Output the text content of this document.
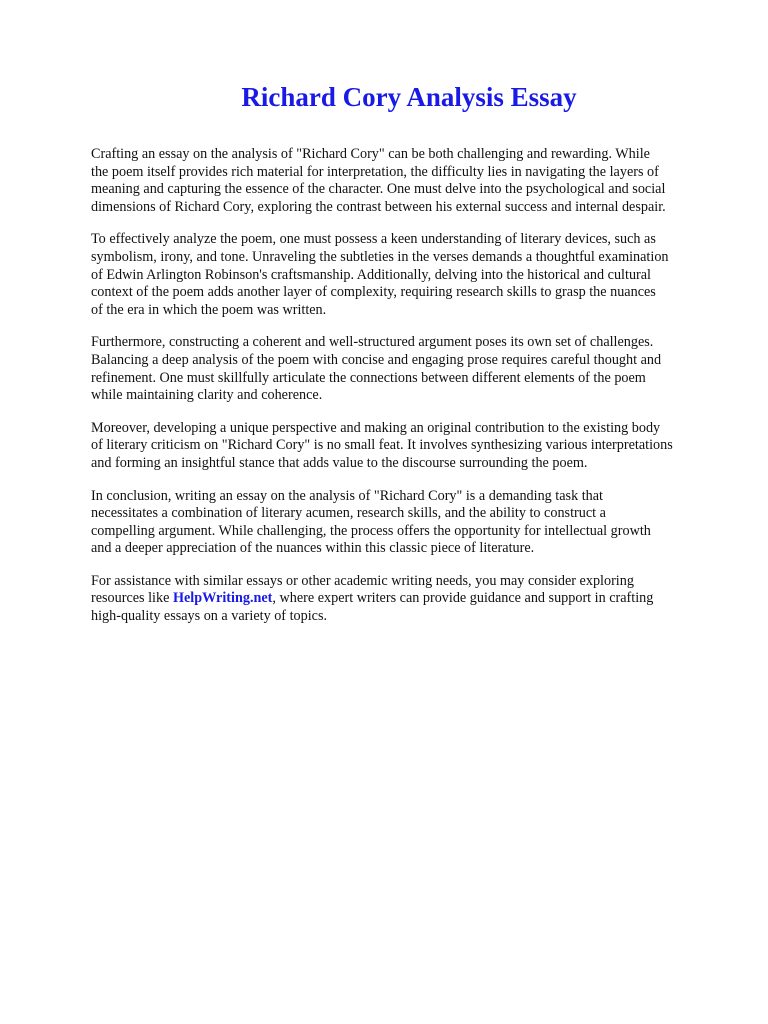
Richard Cory Analysis Essay

Crafting an essay on the analysis of "Richard Cory" can be both challenging and rewarding. While
the poem itself provides rich material for interpretation, the difficulty lies in navigating the layers of
meaning and capturing the essence of the character. One must delve into the psychological and social
dimensions of Richard Cory, exploring the contrast between his external success and internal despair.

To effectively analyze the poem, one must possess a keen understanding of literary devices, such as
symbolism, irony, and tone. Unraveling the subtleties in the verses demands a thoughtful examination
of Edwin Arlington Robinson's craftsmanship. Additionally, delving into the historical and cultural
context of the poem adds another layer of complexity, requiring research skills to grasp the nuances
of the era in which the poem was written.

Furthermore, constructing a coherent and well-structured argument poses its own set of challenges.
Balancing a deep analysis of the poem with concise and engaging prose requires careful thought and
refinement. One must skillfully articulate the connections between different elements of the poem
while maintaining clarity and coherence.

Moreover, developing a unique perspective and making an original contribution to the existing body
of literary criticism on "Richard Cory" is no small feat. It involves synthesizing various interpretations
and forming an insightful stance that adds value to the discourse surrounding the poem.

In conclusion, writing an essay on the analysis of "Richard Cory" is a demanding task that
necessitates a combination of literary acumen, research skills, and the ability to construct a
compelling argument. While challenging, the process offers the opportunity for intellectual growth
and a deeper appreciation of the nuances within this classic piece of literature.

For assistance with similar essays or other academic writing needs, you may consider exploring
resources like HelpWriting.net, where expert writers can provide guidance and support in crafting
high-quality essays on a variety of topics.
